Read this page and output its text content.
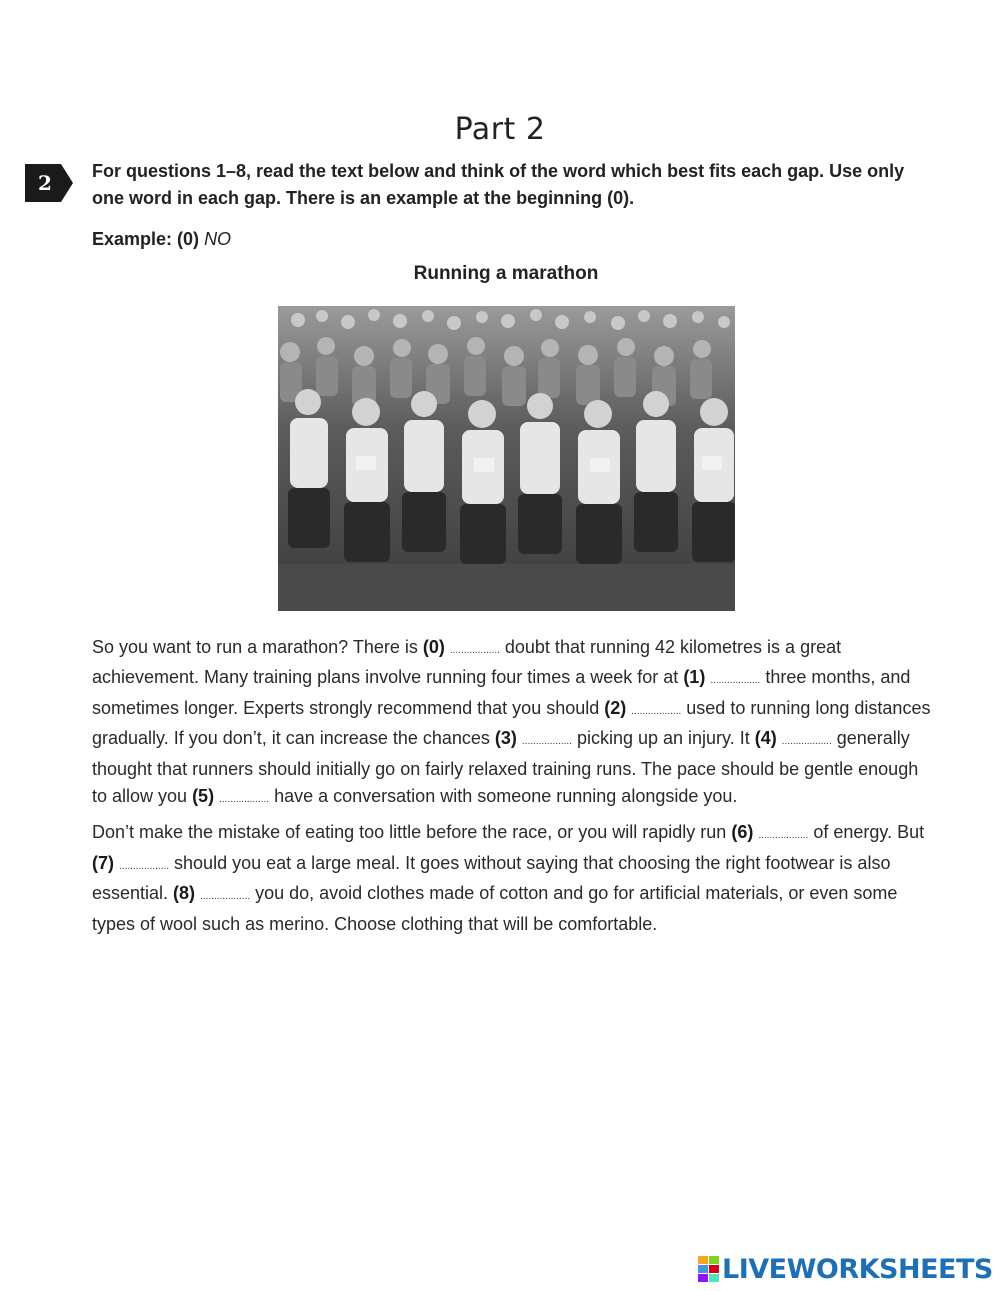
Part 2
2	For questions 1–8, read the text below and think of the word which best fits each gap. Use only one word in each gap. There is an example at the beginning (0).
Example: (0) NO
Running a marathon

So you want to run a marathon? There is (0) .................. doubt that running 42 kilometres is a great achievement. Many training plans involve running four times a week for at (1) .................. three months, and sometimes longer. Experts strongly recommend that you should (2) .................. used to running long distances gradually. If you don’t, it can increase the chances (3) .................. picking up an injury. It (4) .................. generally thought that runners should initially go on fairly relaxed training runs. The pace should be gentle enough to allow you (5) .................. have a conversation with someone running alongside you.

Don’t make the mistake of eating too little before the race, or you will rapidly run (6) .................. of energy. But (7) .................. should you eat a large meal. It goes without saying that choosing the right footwear is also essential. (8) .................. you do, avoid clothes made of cotton and go for artificial materials, or even some types of wool such as merino. Choose clothing that will be comfortable.

LIVEWORKSHEETS
